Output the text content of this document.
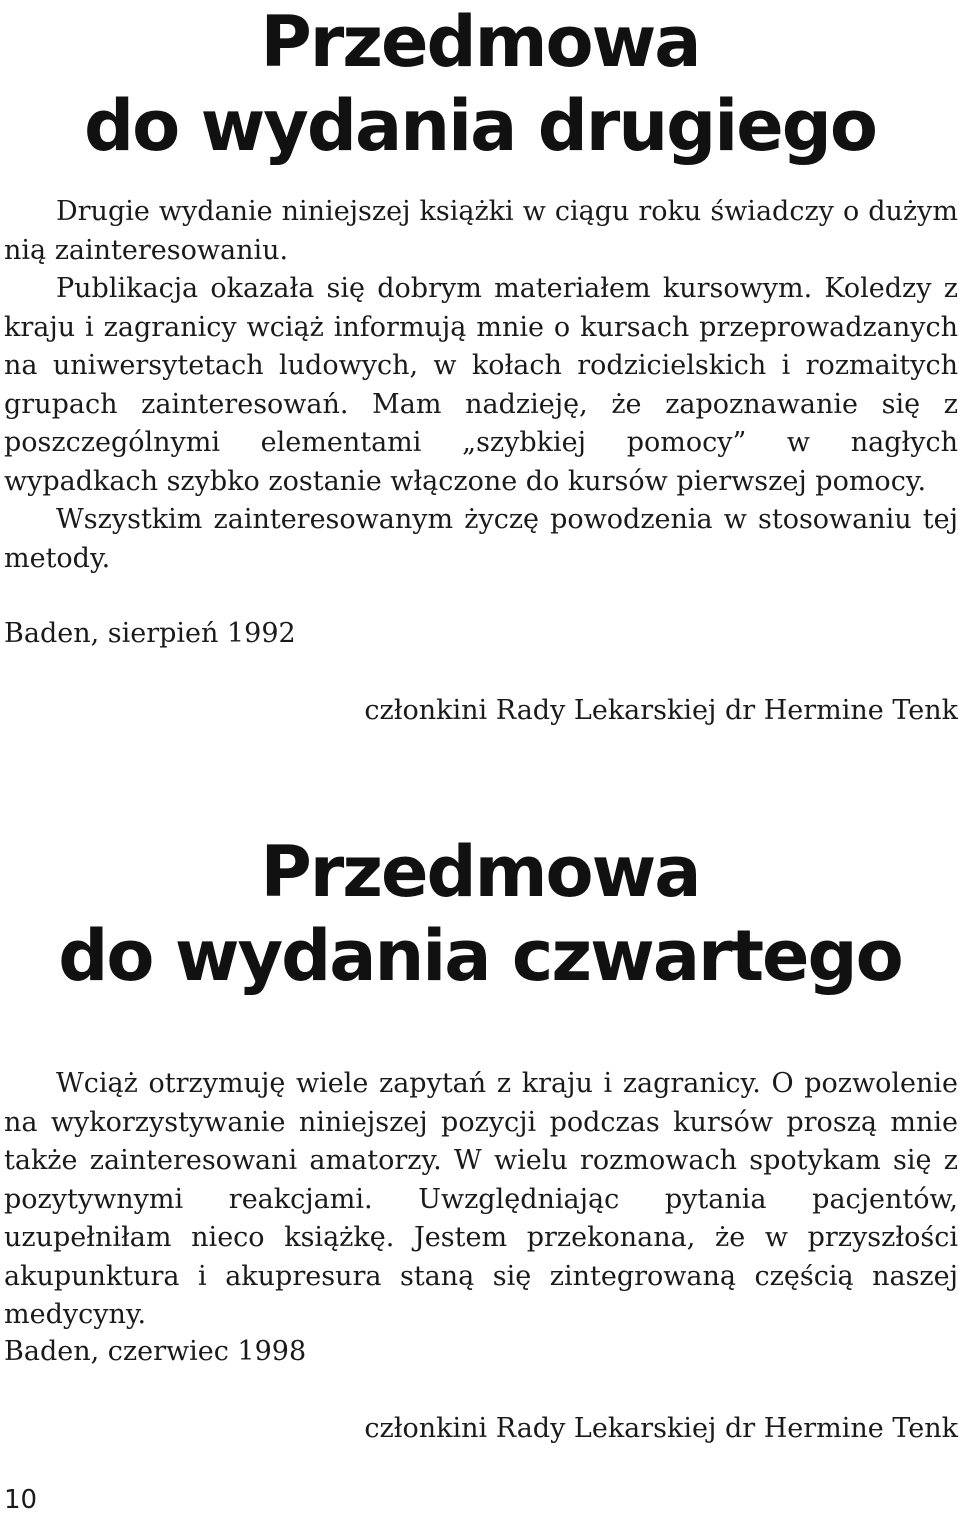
Przedmowa
do wydania drugiego

Drugie wydanie niniejszej książki w ciągu roku świadczy o dużym nią zainteresowaniu.

Publikacja okazała się dobrym materiałem kursowym. Koledzy z kraju i zagranicy wciąż informują mnie o kursach przeprowadzanych na uniwersytetach ludowych, w kołach rodzicielskich i rozmaitych grupach zainteresowań. Mam nadzieję, że zapoznawanie się z poszczególnymi elementami „szybkiej pomocy” w nagłych wypadkach szybko zostanie włączone do kursów pierwszej pomocy.

Wszystkim zainteresowanym życzę powodzenia w stosowaniu tej metody.

Baden, sierpień 1992

członkini Rady Lekarskiej dr Hermine Tenk

Przedmowa
do wydania czwartego

Wciąż otrzymuję wiele zapytań z kraju i zagranicy. O pozwolenie na wykorzystywanie niniejszej pozycji podczas kursów proszą mnie także zainteresowani amatorzy. W wielu rozmowach spotykam się z pozytywnymi reakcjami. Uwzględniając pytania pacjentów, uzupełniłam nieco książkę. Jestem przekonana, że w przyszłości akupunktura i akupresura staną się zintegrowaną częścią naszej medycyny.

Baden, czerwiec 1998

członkini Rady Lekarskiej dr Hermine Tenk

10
